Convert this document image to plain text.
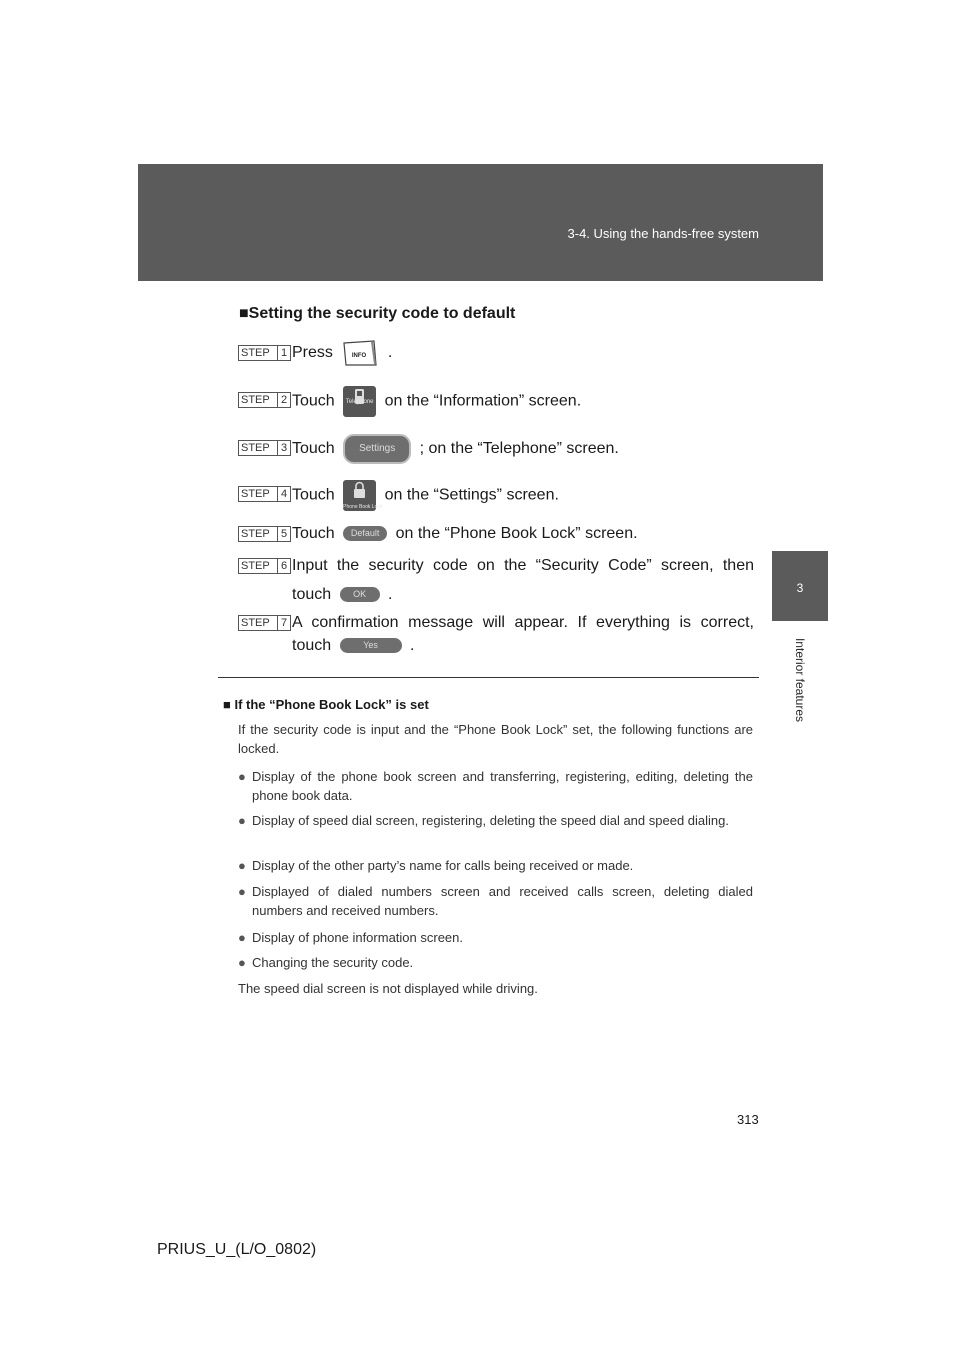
3-4. Using the hands-free system
3
Interior features
■Setting the security code to default
STEP	1 Press	INFO .
STEP	2 Touch	Telephone on the “Information” screen.
STEP	3 Touch Settings ; on the “Telephone” screen.
STEP	4 Touch
Phone Book Lock
on the “Settings” screen.
STEP	5 Touch Default on the “Phone Book Lock” screen.
STEP	6 Input the security code on the “Security Code” screen, then
touch OK .
STEP	7 A confirmation message will appear. If everything is correct,
touch	Yes .
■ If the “Phone Book Lock” is set
If the security code is input and the “Phone Book Lock” set, the following functions are locked.
● Display of the phone book screen and transferring, registering, editing, deleting the phone book data.
● Display of speed dial screen, registering, deleting the speed dial and speed dialing.
● Display of the other party’s name for calls being received or made.
● Displayed of dialed numbers screen and received calls screen, deleting dialed numbers and received numbers.
● Display of phone information screen.
● Changing the security code.
The speed dial screen is not displayed while driving.
313
PRIUS_U_(L/O_0802)
